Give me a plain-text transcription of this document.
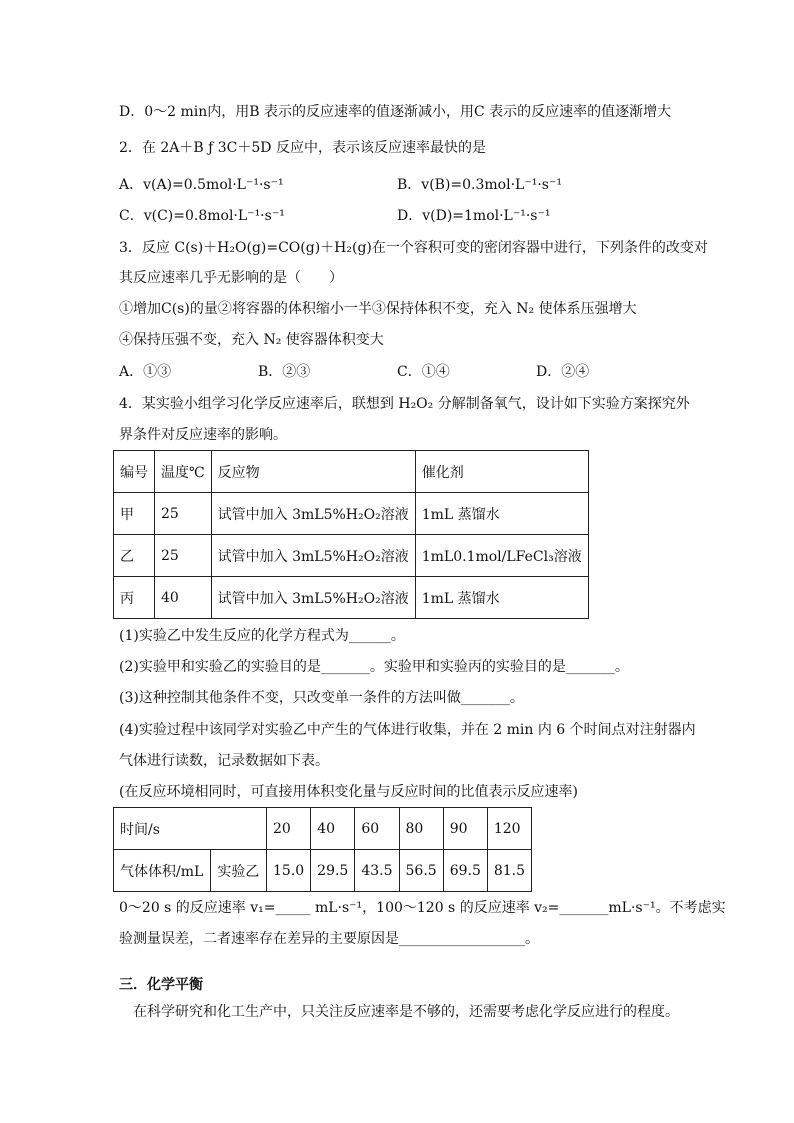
D．0～2 min内，用B 表示的反应速率的值逐渐减小，用C 表示的反应速率的值逐渐增大
2．在 2A＋B ƒ 3C＋5D 反应中，表示该反应速率最快的是
A．v(A)=0.5mol·L⁻¹·s⁻¹	B．v(B)=0.3mol·L⁻¹·s⁻¹
C．v(C)=0.8mol·L⁻¹·s⁻¹	D．v(D)=1mol·L⁻¹·s⁻¹
3．反应 C(s)＋H₂O(g)=CO(g)＋H₂(g)在一个容积可变的密闭容器中进行，下列条件的改变对
其反应速率几乎无影响的是（　　）
①增加C(s)的量②将容器的体积缩小一半③保持体积不变，充入 N₂ 使体系压强增大
④保持压强不变，充入 N₂ 使容器体积变大
A．①③	B．②③	C．①④	D．②④
4．某实验小组学习化学反应速率后，联想到 H₂O₂ 分解制备氧气，设计如下实验方案探究外
界条件对反应速率的影响。
编号	温度℃	反应物	催化剂
甲	25	试管中加入 3mL5%H₂O₂溶液	1mL 蒸馏水
乙	25	试管中加入 3mL5%H₂O₂溶液	1mL0.1mol/LFeCl₃溶液
丙	40	试管中加入 3mL5%H₂O₂溶液	1mL 蒸馏水
(1)实验乙中发生反应的化学方程式为______。
(2)实验甲和实验乙的实验目的是_______。实验甲和实验丙的实验目的是_______。
(3)这种控制其他条件不变，只改变单一条件的方法叫做_______。
(4)实验过程中该同学对实验乙中产生的气体进行收集，并在 2 min 内 6 个时间点对注射器内
气体进行读数，记录数据如下表。
(在反应环境相同时，可直接用体积变化量与反应时间的比值表示反应速率)
时间/s		20	40	60	80	90	120
气体体积/mL	实验乙	15.0	29.5	43.5	56.5	69.5	81.5
0～20 s 的反应速率 v₁=_____ mL·s⁻¹，100～120 s 的反应速率 v₂=_______mL·s⁻¹。不考虑实
验测量误差，二者速率存在差异的主要原因是__________________。
三．化学平衡
　在科学研究和化工生产中，只关注反应速率是不够的，还需要考虑化学反应进行的程度。
